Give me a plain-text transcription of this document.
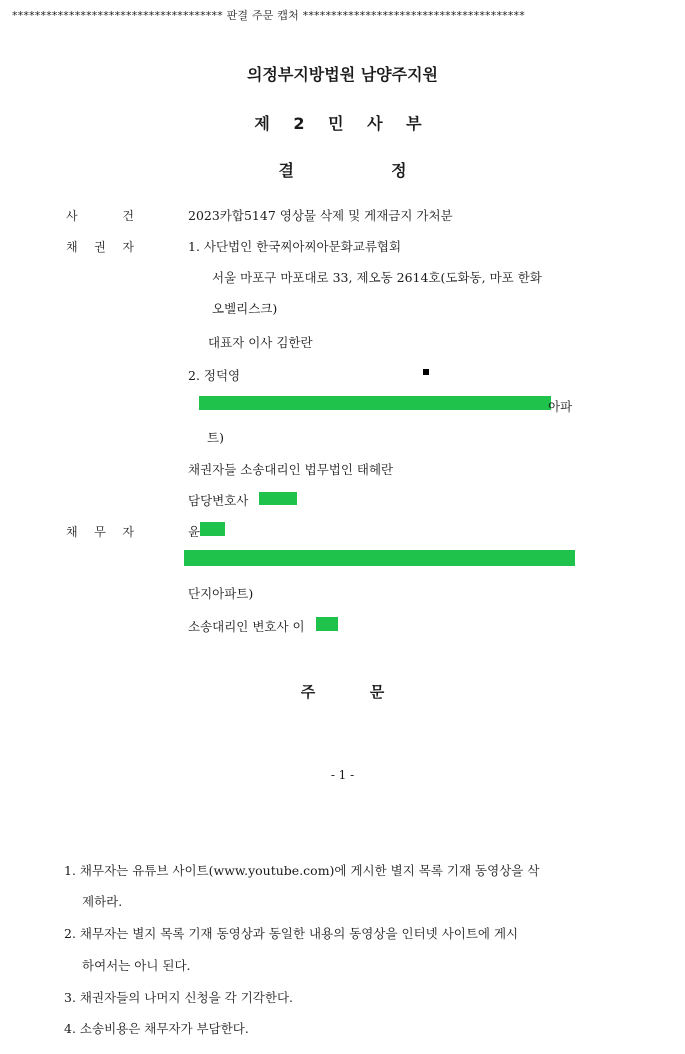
************************************* 판결 주문 캡처 ***************************************
의정부지방법원 남양주지원
제 2 민 사 부
결	정
사	건	2023카합5147 영상물 삭제 및 게재금지 가처분
채 권 자	1. 사단법인 한국찌아찌아문화교류협회
서울 마포구 마포대로 33, 제오동 2614호(도화동, 마포 한화
오벨리스크)
대표자 이사 김한란
2. 정덕영
아파
트)
채권자들 소송대리인 법무법인 태헤란
담당변호사
채 무 자	윤
단지아파트)
소송대리인 변호사 이
주	문
- 1 -
1. 채무자는 유튜브 사이트(www.youtube.com)에 게시한 별지 목록 기재 동영상을 삭
제하라.
2. 채무자는 별지 목록 기재 동영상과 동일한 내용의 동영상을 인터넷 사이트에 게시
하여서는 아니 된다.
3. 채권자들의 나머지 신청을 각 기각한다.
4. 소송비용은 채무자가 부담한다.
